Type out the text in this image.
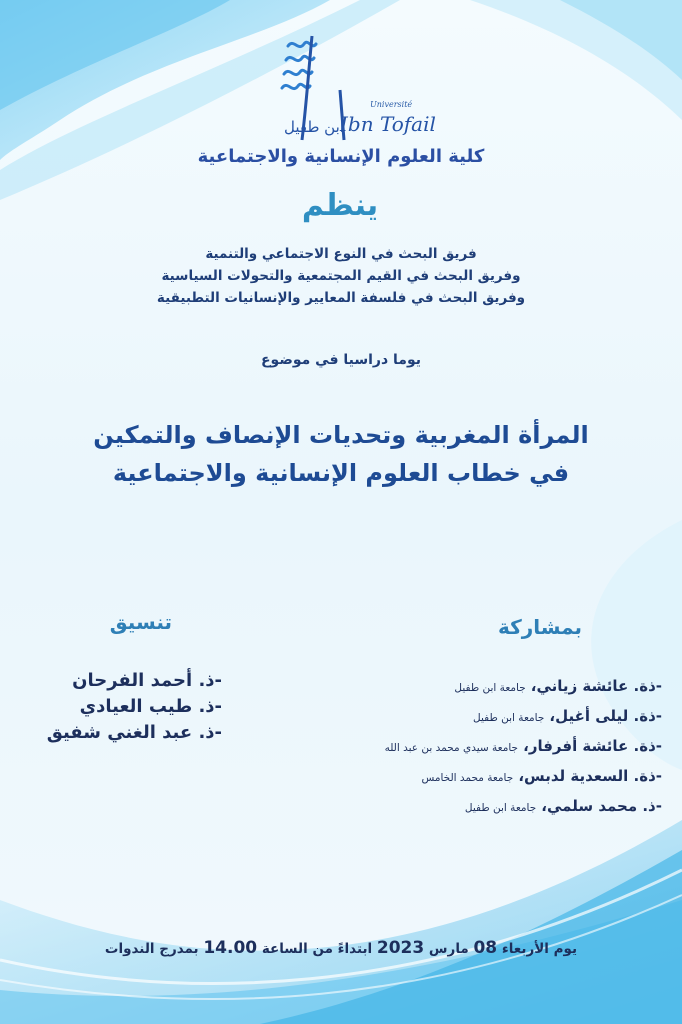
Université
Ibn Tofail
ابن طفيل
كلية العلوم الإنسانية والاجتماعية
ينظم
فريق البحث في النوع الاجتماعي والتنمية
وفريق البحث في القيم المجتمعية والتحولات السياسية
وفريق البحث في فلسفة المعايير والإنسانيات التطبيقية
يوما دراسيا في موضوع
المرأة المغربية وتحديات الإنصاف والتمكين
في خطاب العلوم الإنسانية والاجتماعية
تنسيق	بمشاركة
-ذ. أحمد الفرحان
-ذ. طيب العيادي
-ذ. عبد الغني شفيق
-ذة. عائشة زياني، جامعة ابن طفيل
-ذة. ليلى أغيل، جامعة ابن طفيل
-ذة. عائشة أفرفار، جامعة سيدي محمد بن عبد الله
-ذة. السعدية لدبس، جامعة محمد الخامس
-ذ. محمد سلمي، جامعة ابن طفيل
يوم الأربعاء 08 مارس 2023 ابتداءً من الساعة 14.00 بمدرج الندوات
